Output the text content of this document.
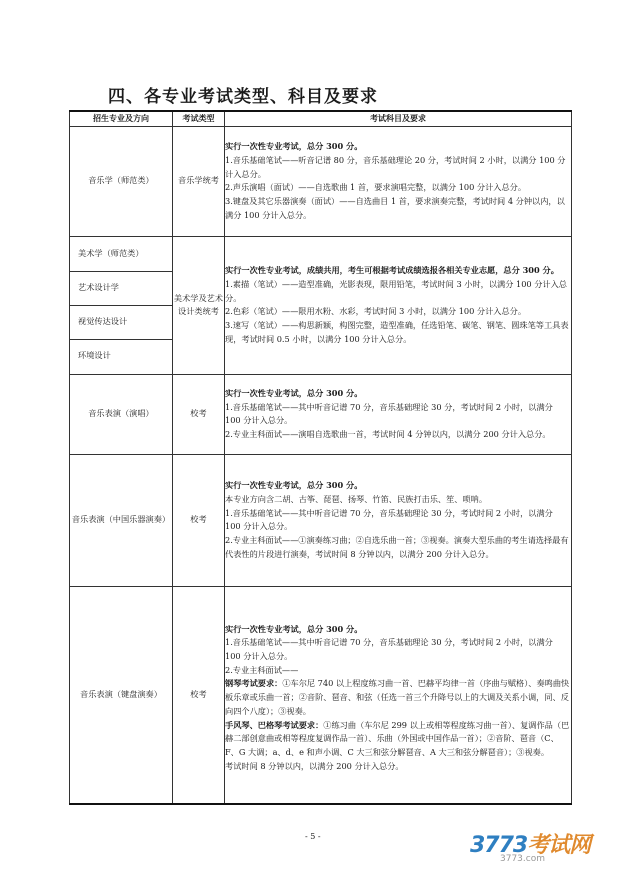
四、各专业考试类型、科目及要求
招生专业及方向	考试类型	考试科目及要求
音乐学（师范类）	音乐学统考	

实行一次性专业考试，总分 300 分。

1.音乐基础笔试——听音记谱 80 分，音乐基础理论 20 分，考试时间 2 小时，以满分 100 分计入总分。

2.声乐演唱（面试）——自选歌曲 1 首，要求演唱完整，以满分 100 分计入总分。

3.键盘及其它乐器演奏（面试）——自选曲目 1 首，要求演奏完整，考试时间 4 分钟以内，以满分 100 分计入总分。

美术学（师范类）
艺术设计学
视觉传达设计
环境设计
	美术学及艺术设计类统考	

实行一次性专业考试，成绩共用，考生可根据考试成绩选报各相关专业志愿，总分 300 分。

1.素描（笔试）——造型准确，光影表现，限用铅笔，考试时间 3 小时，以满分 100 分计入总分。

2.色彩（笔试）——限用水粉、水彩，考试时间 3 小时，以满分 100 分计入总分。

3.速写（笔试）——构思新颖，构图完整，造型准确，任选铅笔、碳笔、钢笔、圆珠笔等工具表现，考试时间 0.5 小时，以满分 100 分计入总分。

音乐表演（演唱）	校考	

实行一次性专业考试，总分 300 分。

1.音乐基础笔试——其中听音记谱 70 分，音乐基础理论 30 分，考试时间 2 小时，以满分 100 分计入总分。

2.专业主科面试——演唱自选歌曲一首，考试时间 4 分钟以内，以满分 200 分计入总分。

音乐表演（中国乐器演奏）	校考	

实行一次性专业考试，总分 300 分。

本专业方向含二胡、古筝、琵琶、扬琴、竹笛、民族打击乐、笙、唢呐。

1.音乐基础笔试——其中听音记谱 70 分，音乐基础理论 30 分，考试时间 2 小时，以满分 100 分计入总分。

2.专业主科面试——①演奏练习曲；②自选乐曲一首；③视奏。演奏大型乐曲的考生请选择最有代表性的片段进行演奏，考试时间 8 分钟以内，以满分 200 分计入总分。

音乐表演（键盘演奏）	校考	

实行一次性专业考试，总分 300 分。

1.音乐基础笔试——其中听音记谱 70 分，音乐基础理论 30 分，考试时间 2 小时，以满分 100 分计入总分。

2.专业主科面试——

钢琴考试要求：①车尔尼 740 以上程度练习曲一首、巴赫平均律一首（序曲与赋格）、奏鸣曲快板乐章或乐曲一首；②音阶、琶音、和弦（任选一首三个升降号以上的大调及关系小调，同、反向四个八度）；③视奏。

手风琴、巴格琴考试要求：①练习曲（车尔尼 299 以上或相等程度练习曲一首）、复调作品（巴赫二部创意曲或相等程度复调作品一首）、乐曲（外国或中国作品一首）；②音阶、琶音（C、F、G 大调；a、d、e 和声小调、C 大三和弦分解琶音、A 大三和弦分解琶音）；③视奏。

考试时间 8 分钟以内，以满分 200 分计入总分。

- 5 -	3773考试网
3773.com
